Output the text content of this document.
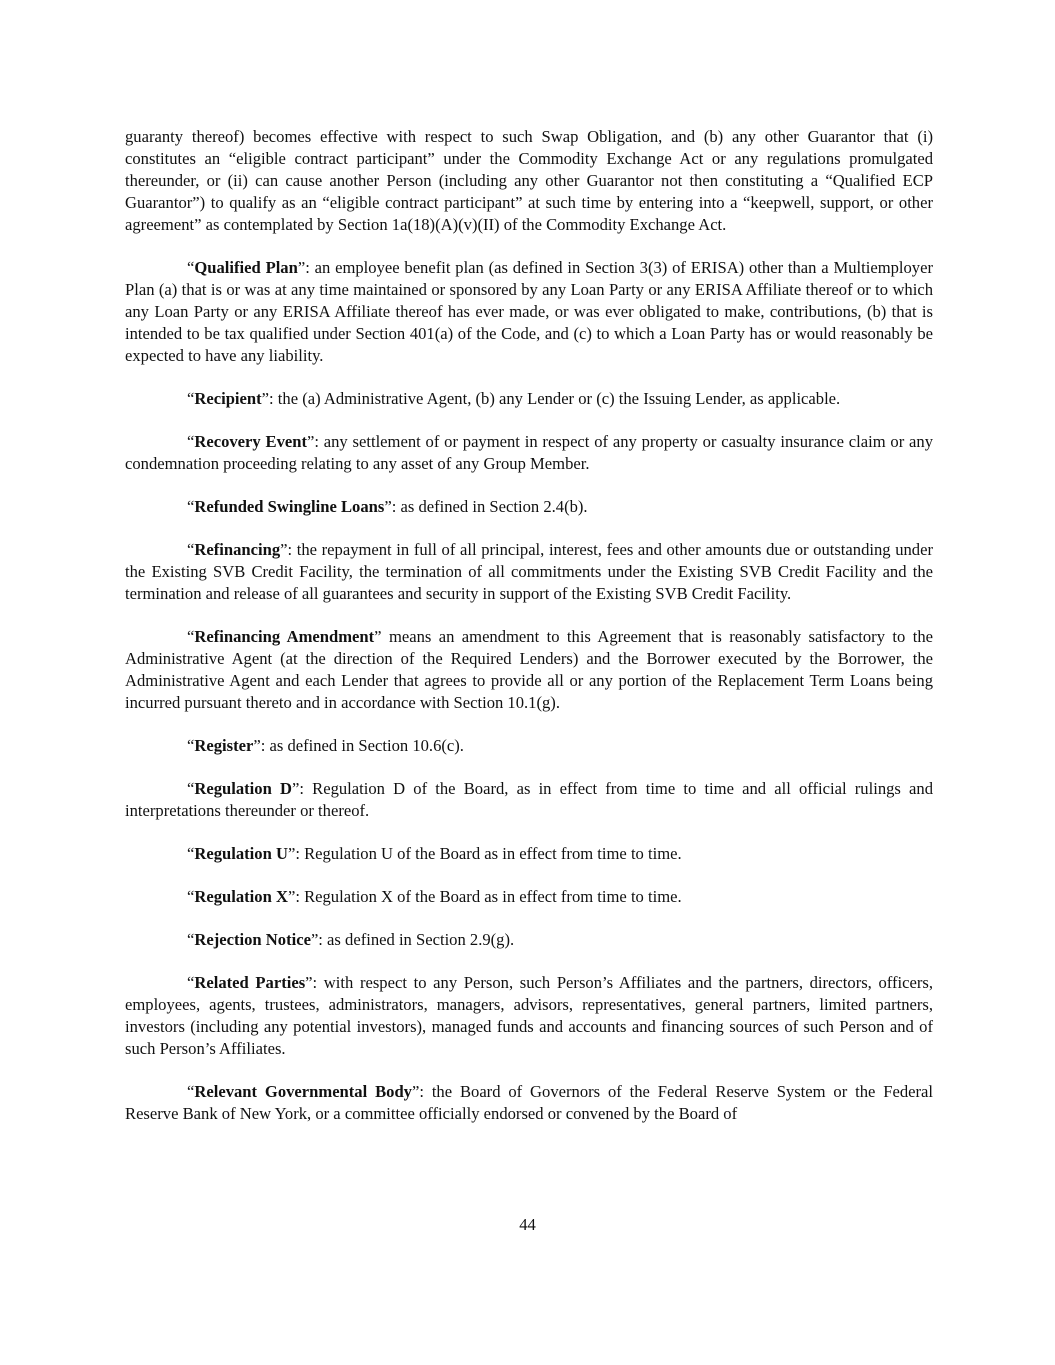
guaranty thereof) becomes effective with respect to such Swap Obligation, and (b) any other Guarantor that (i) constitutes an “eligible contract participant” under the Commodity Exchange Act or any regulations promulgated thereunder, or (ii) can cause another Person (including any other Guarantor not then constituting a “Qualified ECP Guarantor”) to qualify as an “eligible contract participant” at such time by entering into a “keepwell, support, or other agreement” as contemplated by Section 1a(18)(A)(v)(II) of the Commodity Exchange Act.

“Qualified Plan”: an employee benefit plan (as defined in Section 3(3) of ERISA) other than a Multiemployer Plan (a) that is or was at any time maintained or sponsored by any Loan Party or any ERISA Affiliate thereof or to which any Loan Party or any ERISA Affiliate thereof has ever made, or was ever obligated to make, contributions, (b) that is intended to be tax qualified under Section 401(a) of the Code, and (c) to which a Loan Party has or would reasonably be expected to have any liability.

“Recipient”: the (a) Administrative Agent, (b) any Lender or (c) the Issuing Lender, as applicable.

“Recovery Event”: any settlement of or payment in respect of any property or casualty insurance claim or any condemnation proceeding relating to any asset of any Group Member.

“Refunded Swingline Loans”: as defined in Section 2.4(b).

“Refinancing”: the repayment in full of all principal, interest, fees and other amounts due or outstanding under the Existing SVB Credit Facility, the termination of all commitments under the Existing SVB Credit Facility and the termination and release of all guarantees and security in support of the Existing SVB Credit Facility.

“Refinancing Amendment” means an amendment to this Agreement that is reasonably satisfactory to the Administrative Agent (at the direction of the Required Lenders) and the Borrower executed by the Borrower, the Administrative Agent and each Lender that agrees to provide all or any portion of the Replacement Term Loans being incurred pursuant thereto and in accordance with Section 10.1(g).

“Register”: as defined in Section 10.6(c).

“Regulation D”: Regulation D of the Board, as in effect from time to time and all official rulings and interpretations thereunder or thereof.

“Regulation U”: Regulation U of the Board as in effect from time to time.

“Regulation X”: Regulation X of the Board as in effect from time to time.

“Rejection Notice”: as defined in Section 2.9(g).

“Related Parties”: with respect to any Person, such Person’s Affiliates and the partners, directors, officers, employees, agents, trustees, administrators, managers, advisors, representatives, general partners, limited partners, investors (including any potential investors), managed funds and accounts and financing sources of such Person and of such Person’s Affiliates.

“Relevant Governmental Body”: the Board of Governors of the Federal Reserve System or the Federal Reserve Bank of New York, or a committee officially endorsed or convened by the Board of

44
